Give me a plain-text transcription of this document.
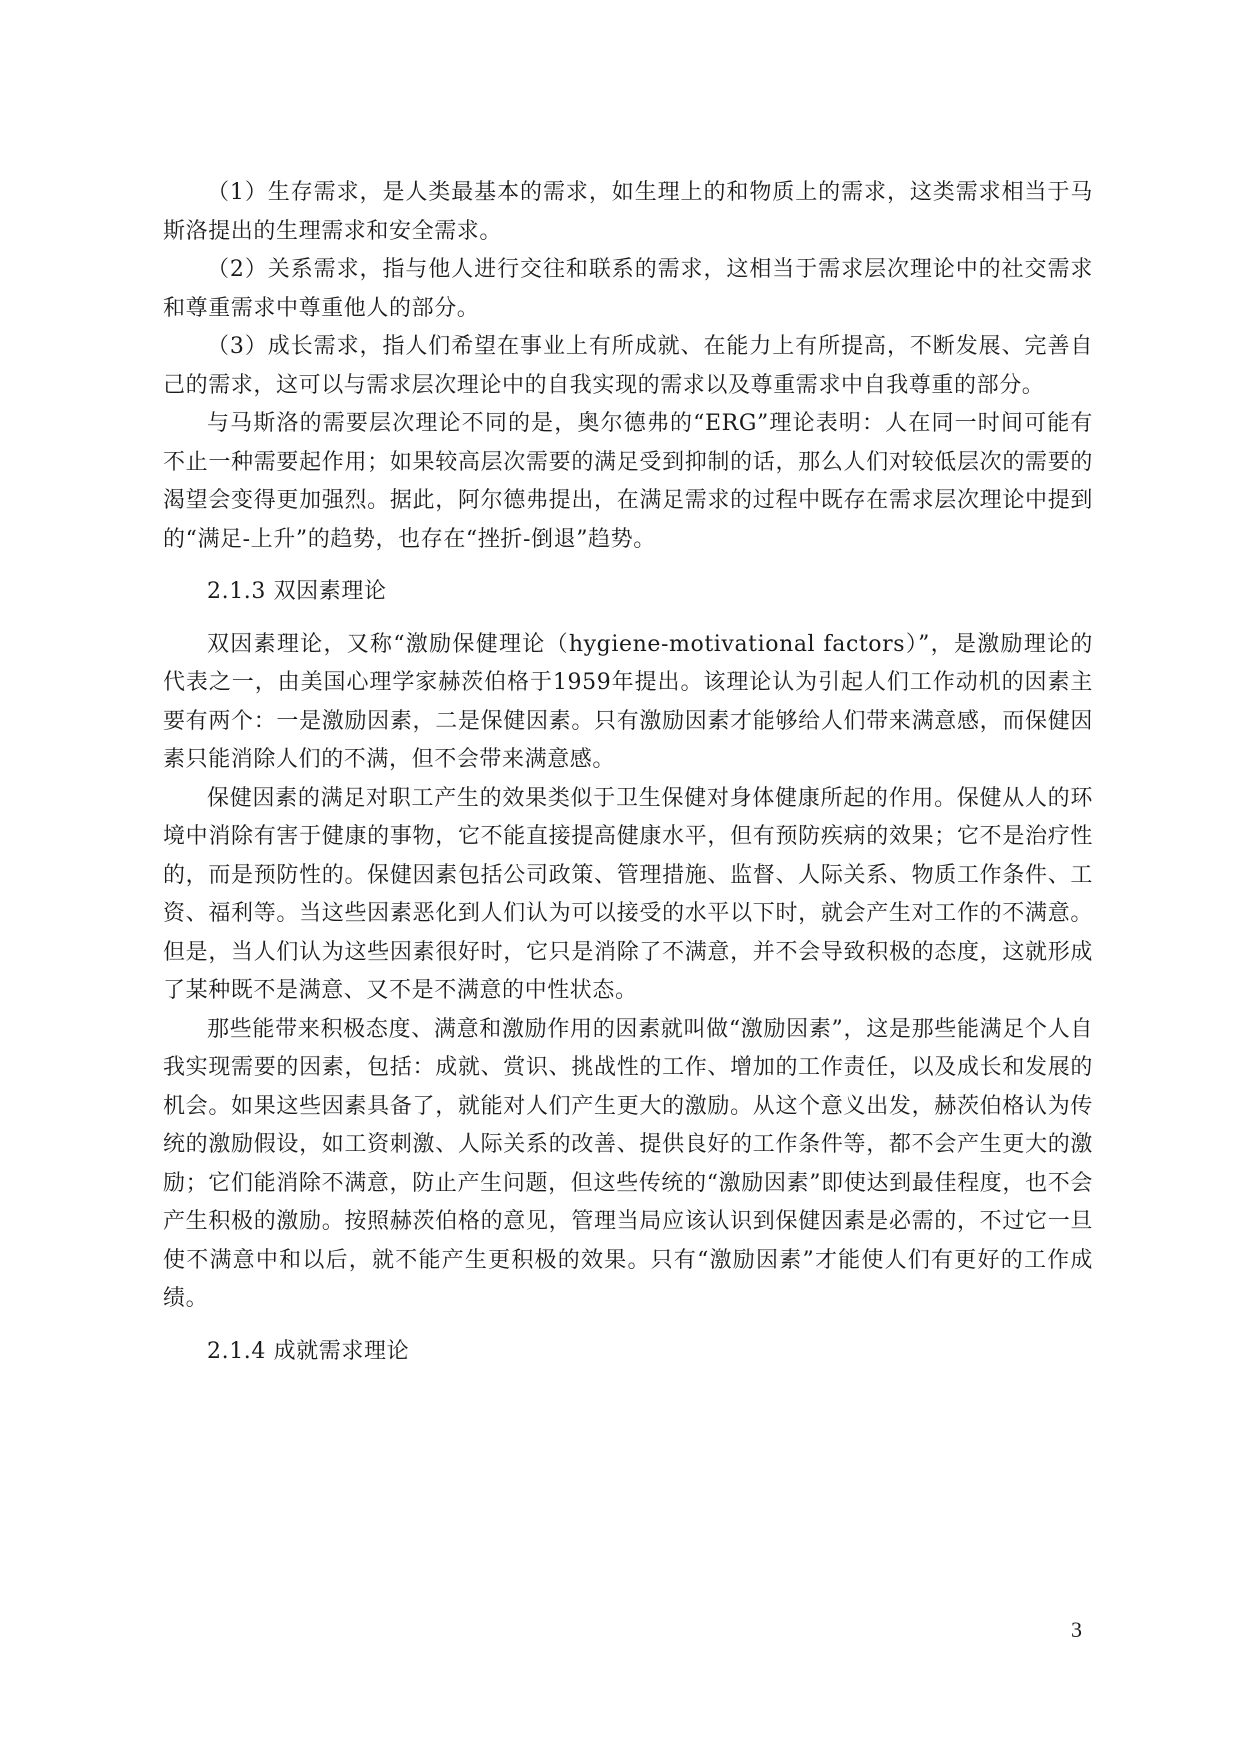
（1）生存需求，是人类最基本的需求，如生理上的和物质上的需求，这类需求相当于马斯洛提出的生理需求和安全需求。

（2）关系需求，指与他人进行交往和联系的需求，这相当于需求层次理论中的社交需求和尊重需求中尊重他人的部分。

（3）成长需求，指人们希望在事业上有所成就、在能力上有所提高，不断发展、完善自己的需求，这可以与需求层次理论中的自我实现的需求以及尊重需求中自我尊重的部分。

与马斯洛的需要层次理论不同的是，奥尔德弗的“ERG”理论表明：人在同一时间可能有不止一种需要起作用；如果较高层次需要的满足受到抑制的话，那么人们对较低层次的需要的渴望会变得更加强烈。据此，阿尔德弗提出，在满足需求的过程中既存在需求层次理论中提到的“满足-上升”的趋势，也存在“挫折-倒退”趋势。

2.1.3 双因素理论

双因素理论，又称“激励保健理论（hygiene-motivational factors）”，是激励理论的代表之一，由美国心理学家赫茨伯格于1959年提出。该理论认为引起人们工作动机的因素主要有两个：一是激励因素，二是保健因素。只有激励因素才能够给人们带来满意感，而保健因素只能消除人们的不满，但不会带来满意感。

保健因素的满足对职工产生的效果类似于卫生保健对身体健康所起的作用。保健从人的环境中消除有害于健康的事物，它不能直接提高健康水平，但有预防疾病的效果；它不是治疗性的，而是预防性的。保健因素包括公司政策、管理措施、监督、人际关系、物质工作条件、工资、福利等。当这些因素恶化到人们认为可以接受的水平以下时，就会产生对工作的不满意。但是，当人们认为这些因素很好时，它只是消除了不满意，并不会导致积极的态度，这就形成了某种既不是满意、又不是不满意的中性状态。

那些能带来积极态度、满意和激励作用的因素就叫做“激励因素”，这是那些能满足个人自我实现需要的因素，包括：成就、赏识、挑战性的工作、增加的工作责任，以及成长和发展的机会。如果这些因素具备了，就能对人们产生更大的激励。从这个意义出发，赫茨伯格认为传统的激励假设，如工资刺激、人际关系的改善、提供良好的工作条件等，都不会产生更大的激励；它们能消除不满意，防止产生问题，但这些传统的“激励因素”即使达到最佳程度，也不会产生积极的激励。按照赫茨伯格的意见，管理当局应该认识到保健因素是必需的，不过它一旦使不满意中和以后，就不能产生更积极的效果。只有“激励因素”才能使人们有更好的工作成绩。

2.1.4 成就需求理论

3
